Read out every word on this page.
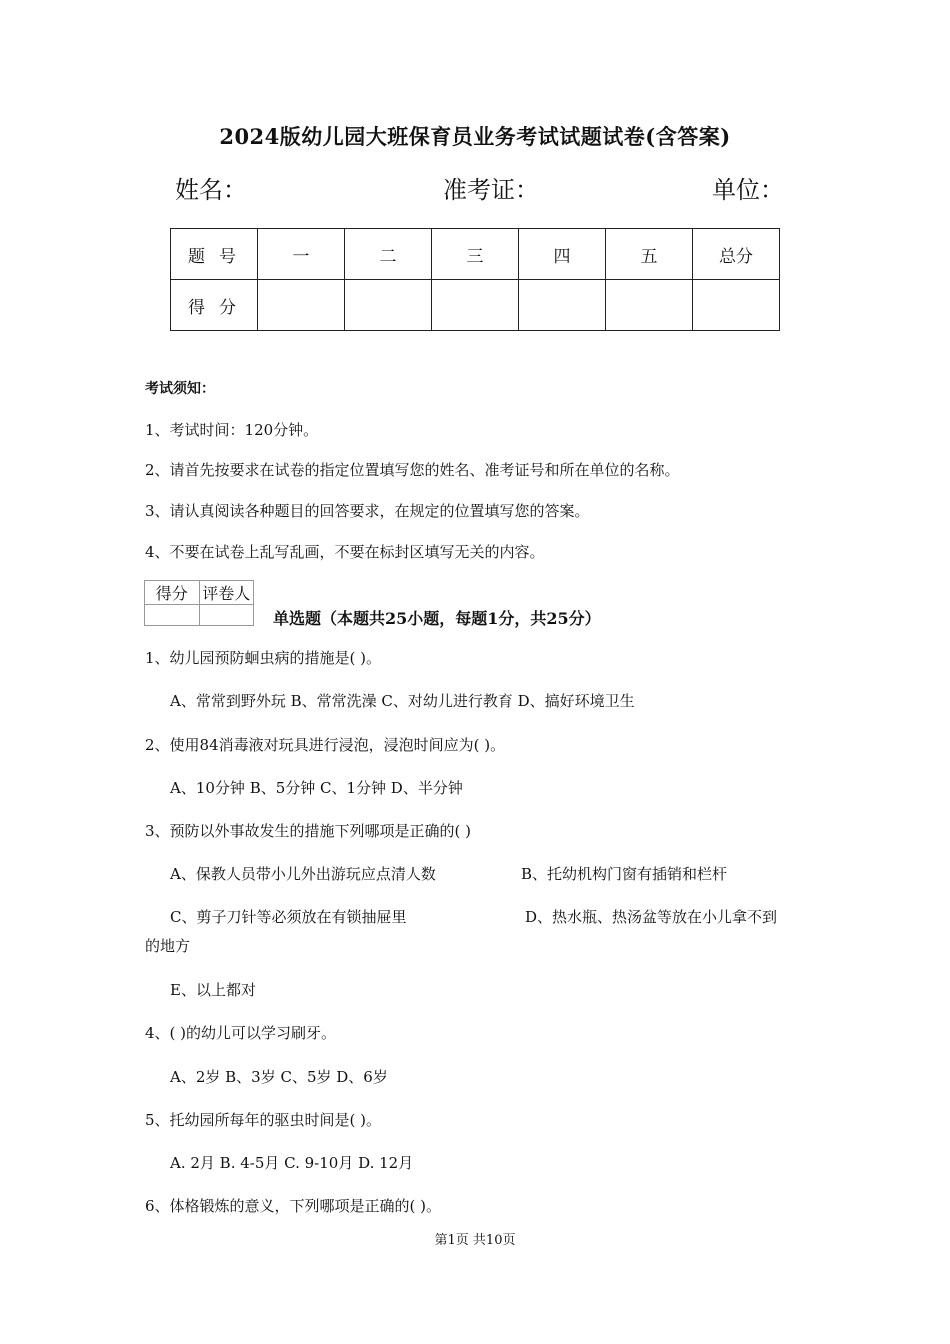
2024版幼儿园大班保育员业务考试试题试卷(含答案)
姓名：	准考证：	单位：
题号	一	二	三	四	五	总分
得分						
考试须知：
1、考试时间：120分钟。
2、请首先按要求在试卷的指定位置填写您的姓名、准考证号和所在单位的名称。
3、请认真阅读各种题目的回答要求，在规定的位置填写您的答案。
4、不要在试卷上乱写乱画，不要在标封区填写无关的内容。
得分	评卷人

单选题（本题共25小题，每题1分，共25分）
1、幼儿园预防蛔虫病的措施是( )。
A、常常到野外玩 B、常常洗澡 C、对幼儿进行教育 D、搞好环境卫生
2、使用84消毒液对玩具进行浸泡，浸泡时间应为( )。
A、10分钟 B、5分钟 C、1分钟 D、半分钟
3、预防以外事故发生的措施下列哪项是正确的( )
A、保教人员带小儿外出游玩应点清人数	B、托幼机构门窗有插销和栏杆
C、剪子刀针等必须放在有锁抽屉里	D、热水瓶、热汤盆等放在小儿拿不到
的地方
E、以上都对
4、( )的幼儿可以学习刷牙。
A、2岁 B、3岁 C、5岁 D、6岁
5、托幼园所每年的驱虫时间是( )。
A. 2月 B. 4-5月 C. 9-10月 D. 12月
6、体格锻炼的意义，下列哪项是正确的( )。
第1页 共10页
